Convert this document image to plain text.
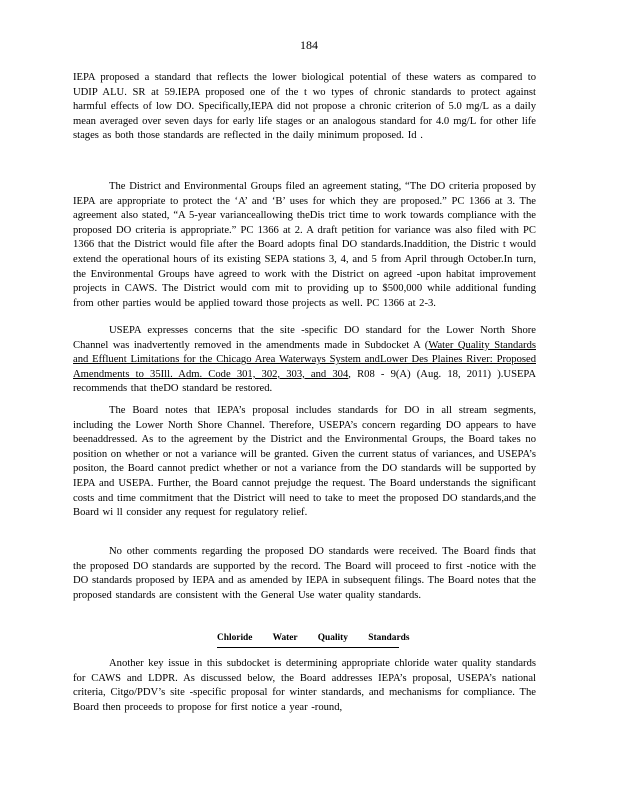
184

IEPA proposed a standard that reflects the lower biological potential of these waters as compared to UDIP ALU. SR at 59.IEPA proposed one of the t wo types of chronic standards to protect against harmful effects of low DO. Specifically,IEPA did not propose a chronic criterion of 5.0 mg/L as a daily mean averaged over seven days for early life stages or an analogous standard for 4.0 mg/L for other life stages as both those standards are reflected in the daily minimum proposed. Id .

The District and Environmental Groups filed an agreement stating, “The DO criteria proposed by IEPA are appropriate to protect the ‘A’ and ‘B’ uses for which they are proposed.” PC 1366 at 3. The agreement also stated, “A 5-year varianceallowing theDis trict time to work towards compliance with the proposed DO criteria is appropriate.” PC 1366 at 2. A draft petition for variance was also filed with PC 1366 that the District would file after the Board adopts final DO standards.Inaddition, the Distric t would extend the operational hours of its existing SEPA stations 3, 4, and 5 from April through October.In turn, the Environmental Groups have agreed to work with the District on agreed -upon habitat improvement projects in CAWS. The District would com mit to providing up to $500,000 while additional funding from other parties would be applied toward those projects as well. PC 1366 at 2-3.

USEPA expresses concerns that the site -specific DO standard for the Lower North Shore Channel was inadvertently removed in the amendments made in Subdocket A (Water Quality Standards and Effluent Limitations for the Chicago Area Waterways System andLower Des Plaines River: Proposed Amendments to 35Ill. Adm. Code 301, 302, 303, and 304, R08 - 9(A) (Aug. 18, 2011) ).USEPA recommends that theDO standard be restored.

The Board notes that IEPA’s proposal includes standards for DO in all stream segments, including the Lower North Shore Channel. Therefore, USEPA’s concern regarding DO appears to have beenaddressed. As to the agreement by the District and the Environmental Groups, the Board takes no position on whether or not a variance will be granted. Given the current status of variances, and USEPA’s positon, the Board cannot predict whether or not a variance from the DO standards will be supported by IEPA and USEPA. Further, the Board cannot prejudge the request. The Board understands the significant costs and time commitment that the District will need to take to meet the proposed DO standards,and the Board wi ll consider any request for regulatory relief.

No other comments regarding the proposed DO standards were received. The Board finds that the proposed DO standards are supported by the record. The Board will proceed to first -notice with the DO standards proposed by IEPA and as amended by IEPA in subsequent filings. The Board notes that the proposed standards are consistent with the General Use water quality standards.

Chloride Water Quality Standards

Another key issue in this subdocket is determining appropriate chloride water quality standards for CAWS and LDPR. As discussed below, the Board addresses IEPA’s proposal, USEPA’s national criteria, Citgo/PDV’s site -specific proposal for winter standards, and mechanisms for compliance. The Board then proceeds to propose for first notice a year -round,
